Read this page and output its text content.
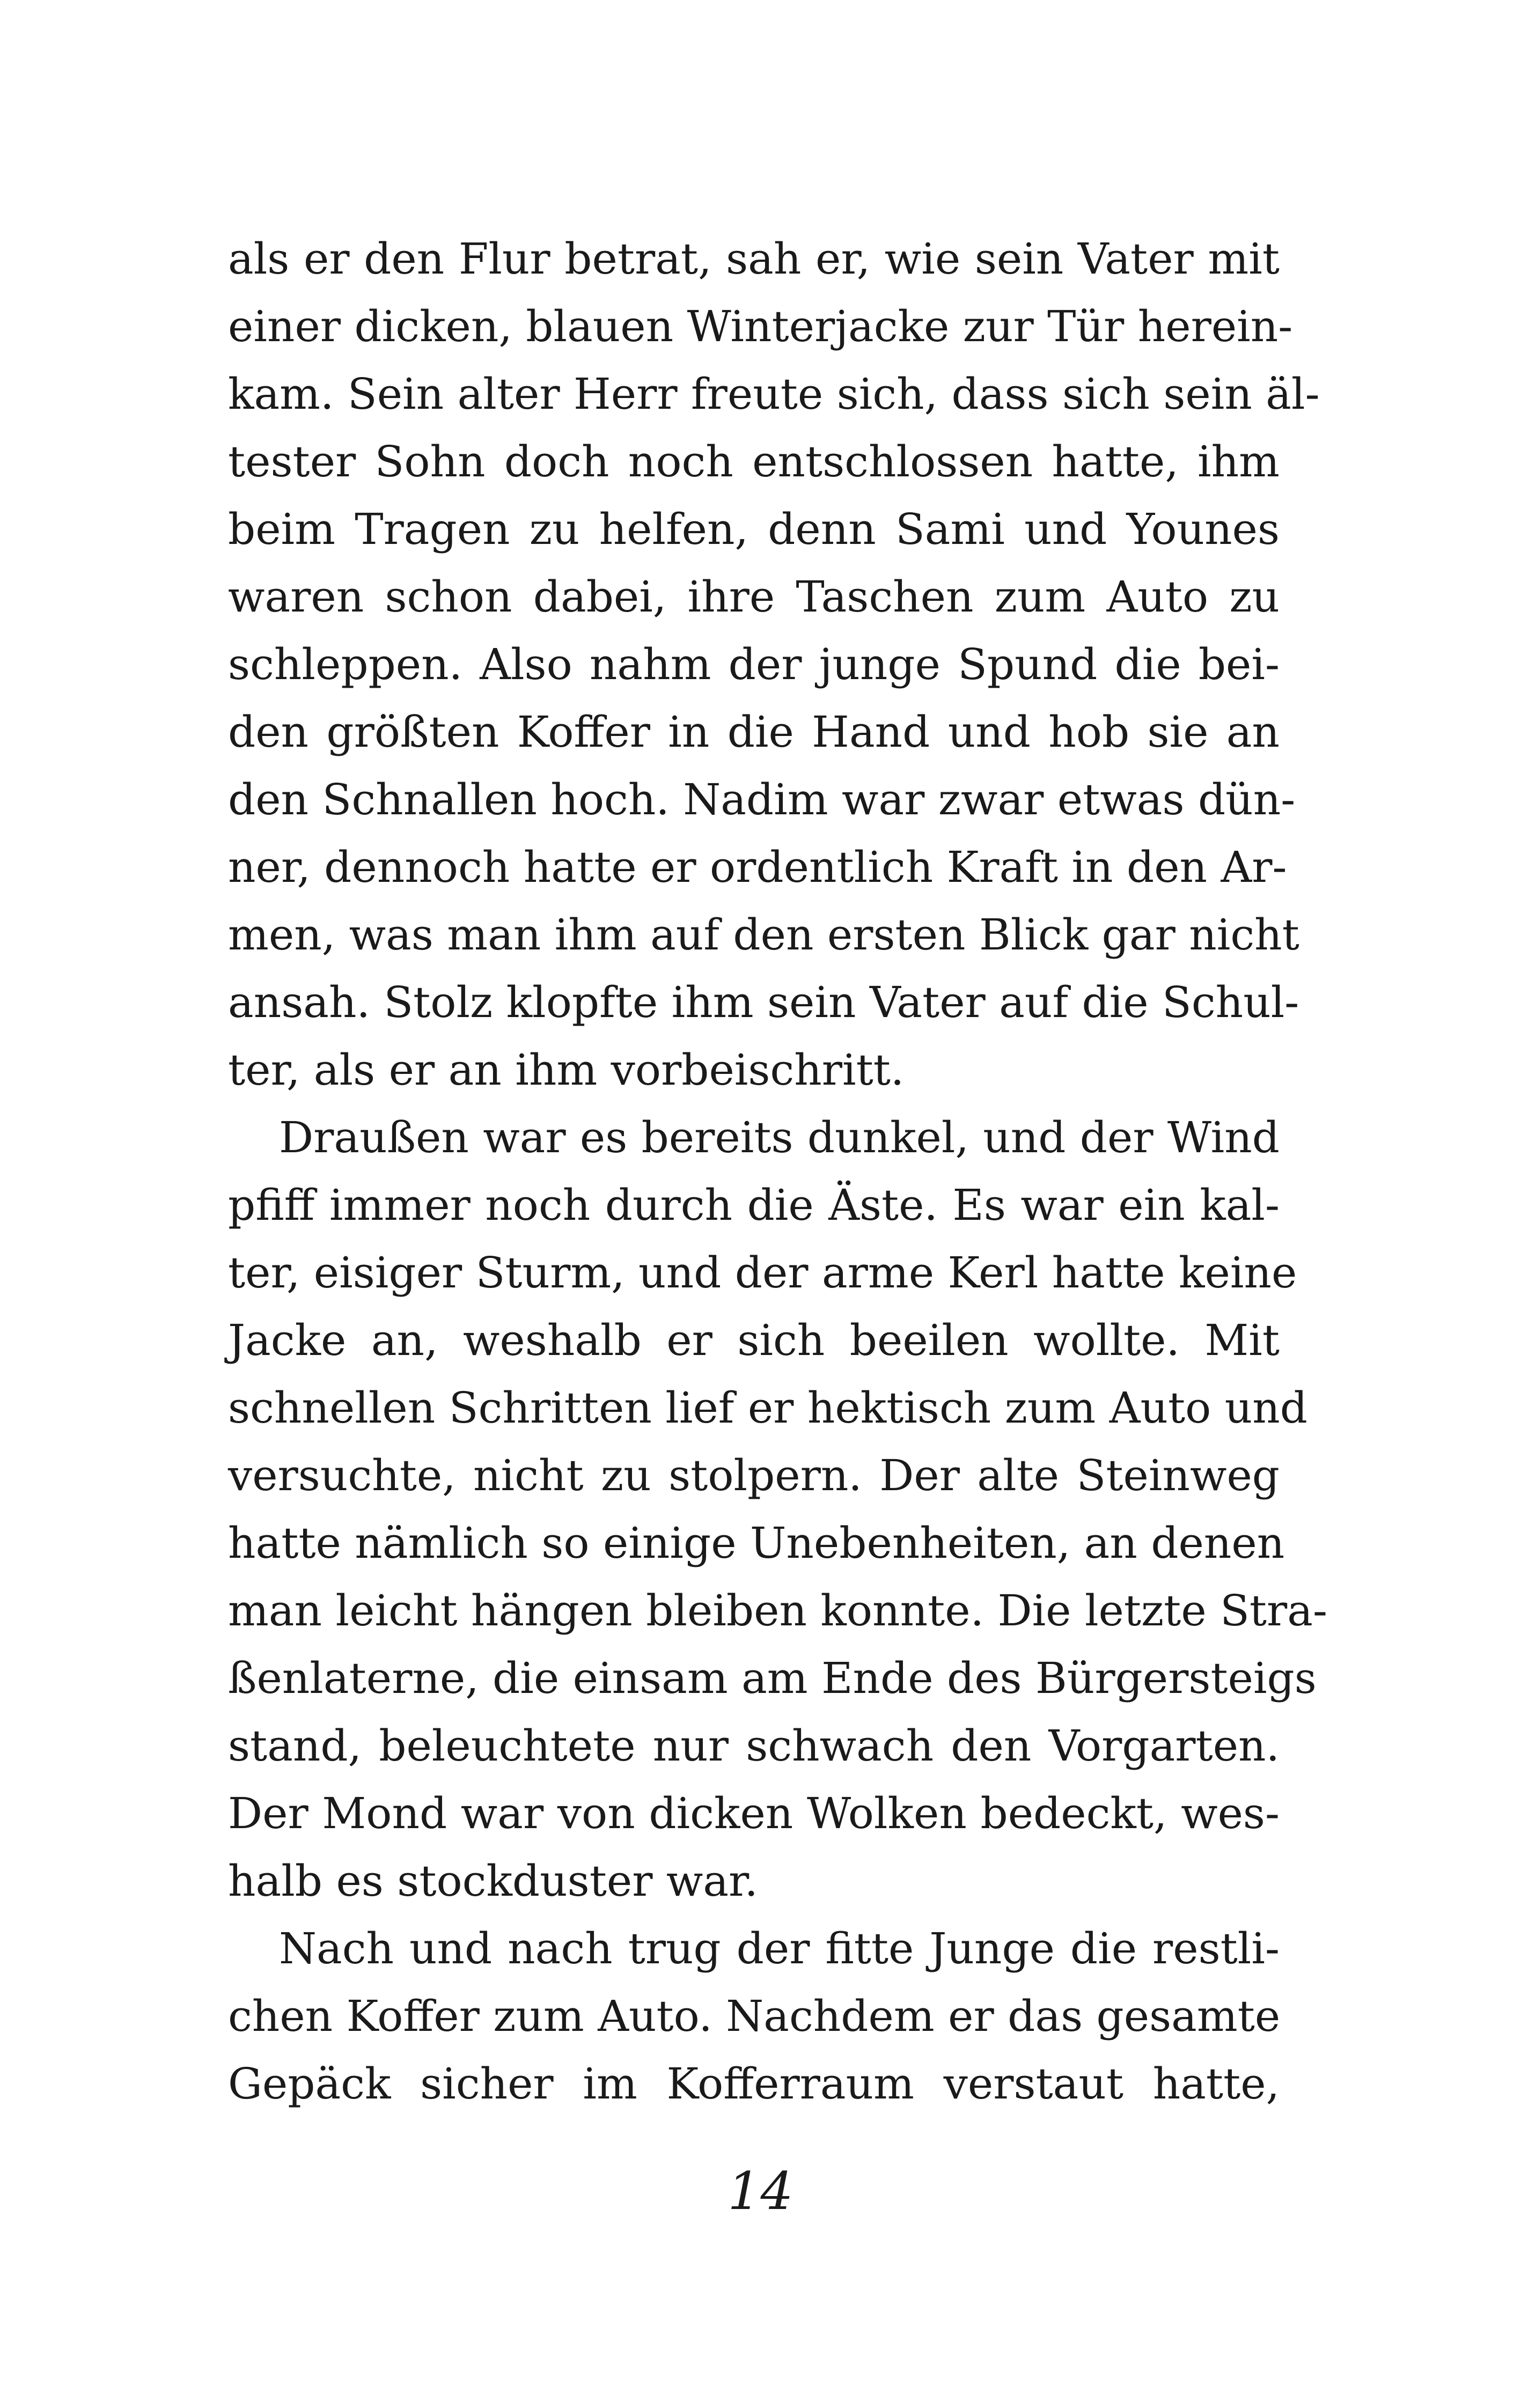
als er den Flur betrat, sah er, wie sein Vater mit
einer dicken, blauen Winterjacke zur Tür herein-
kam. Sein alter Herr freute sich, dass sich sein äl-
tester Sohn doch noch entschlossen hatte, ihm
beim Tragen zu helfen, denn Sami und Younes
waren schon dabei, ihre Taschen zum Auto zu
schleppen. Also nahm der junge Spund die bei-
den größten Koffer in die Hand und hob sie an
den Schnallen hoch. Nadim war zwar etwas dün-
ner, dennoch hatte er ordentlich Kraft in den Ar-
men, was man ihm auf den ersten Blick gar nicht
ansah. Stolz klopfte ihm sein Vater auf die Schul-
ter, als er an ihm vorbeischritt.
Draußen war es bereits dunkel, und der Wind
pfiff immer noch durch die Äste. Es war ein kal-
ter, eisiger Sturm, und der arme Kerl hatte keine
Jacke an, weshalb er sich beeilen wollte. Mit
schnellen Schritten lief er hektisch zum Auto und
versuchte, nicht zu stolpern. Der alte Steinweg
hatte nämlich so einige Unebenheiten, an denen
man leicht hängen bleiben konnte. Die letzte Stra-
ßenlaterne, die einsam am Ende des Bürgersteigs
stand, beleuchtete nur schwach den Vorgarten.
Der Mond war von dicken Wolken bedeckt, wes-
halb es stockduster war.
Nach und nach trug der fitte Junge die restli-
chen Koffer zum Auto. Nachdem er das gesamte
Gepäck sicher im Kofferraum verstaut hatte,
14
